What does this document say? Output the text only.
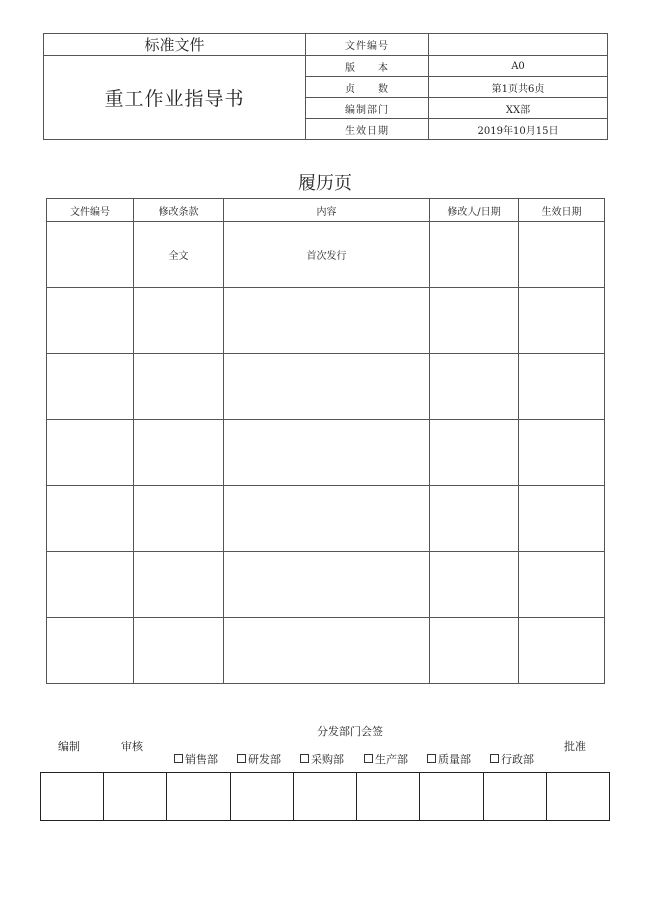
标准文件	文件编号	
重工作业指导书	版　　本	A0
	贞　　数	第1页共6贞
	编制部门	XX部
	生效日期	2019年10月15日
履历页
文件编号	修改条款	内容	修改人/日期	生效日期
	全文	首次发行		

编制	审核
分发部门会签
批准
销售部	研发部	采购部	生产部	质量部	行政部
